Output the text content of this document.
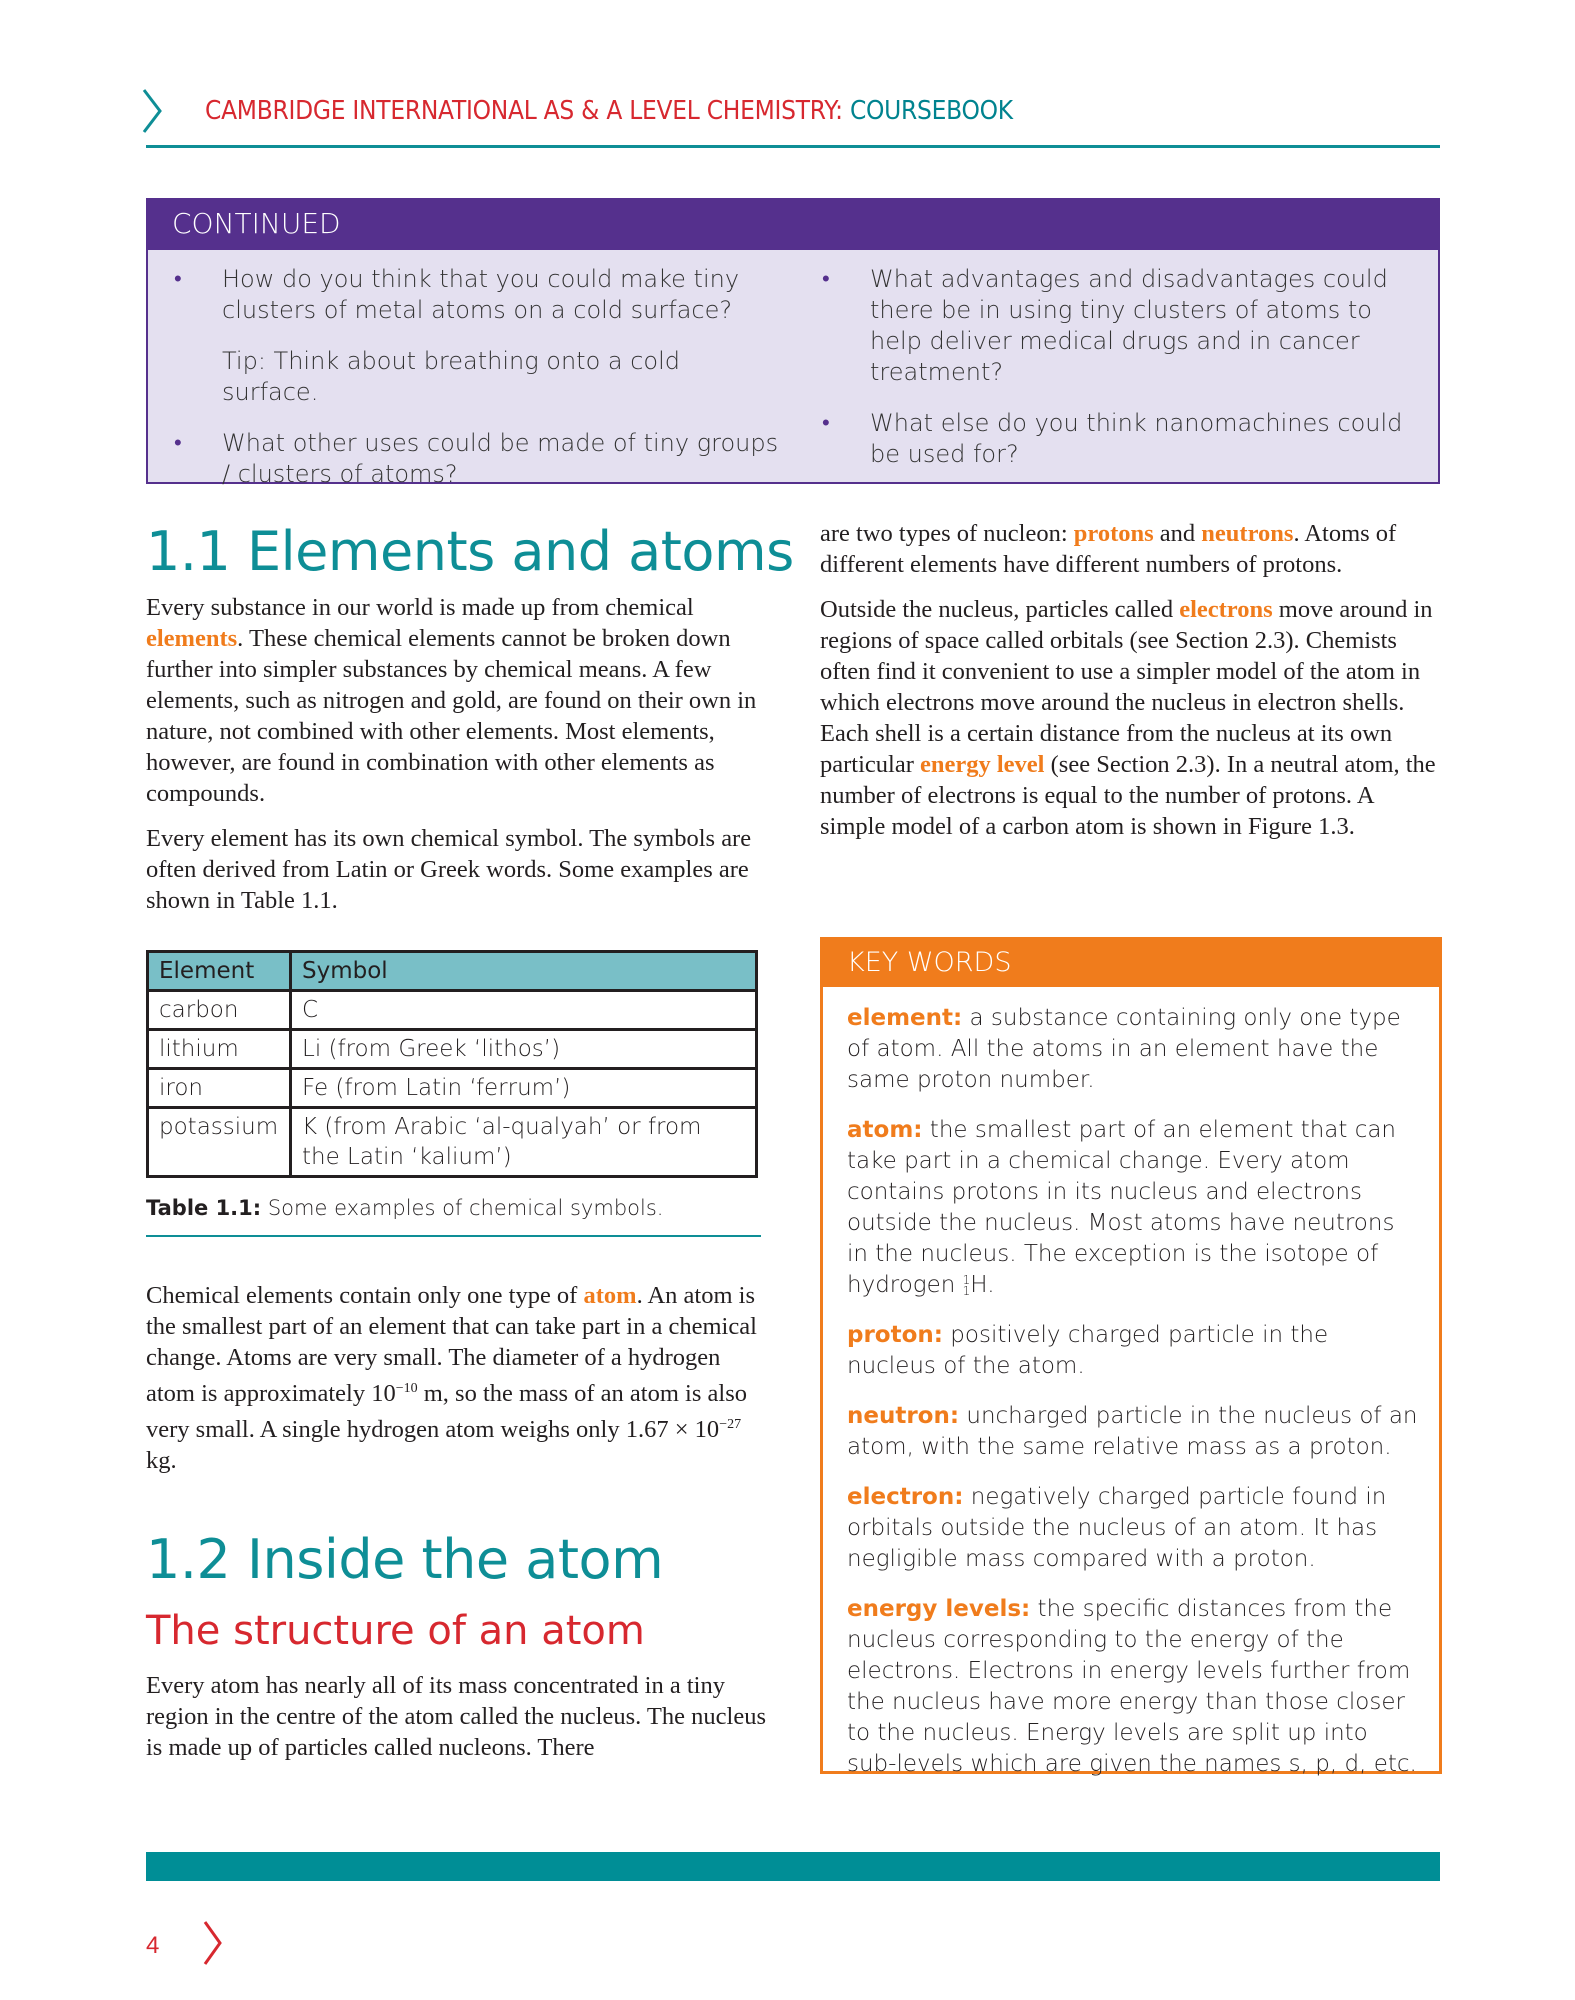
CAMBRIDGE INTERNATIONAL AS & A LEVEL CHEMISTRY: COURSEBOOK
CONTINUED

• How do you think that you could make tiny clusters of metal atoms on a cold surface?

Tip: Think about breathing onto a cold surface.

• What other uses could be made of tiny groups / clusters of atoms?

• What advantages and disadvantages could there be in using tiny clusters of atoms to help deliver medical drugs and in cancer treatment?

• What else do you think nanomachines could be used for?

1.1 Elements and atoms

Every substance in our world is made up from chemical elements. These chemical elements cannot be broken down further into simpler substances by chemical means. A few elements, such as nitrogen and gold, are found on their own in nature, not combined with other elements. Most elements, however, are found in combination with other elements as compounds.

Every element has its own chemical symbol. The symbols are often derived from Latin or Greek words. Some examples are shown in Table 1.1.

Element	Symbol
carbon	C
lithium	Li (from Greek ‘lithos’)
iron	Fe (from Latin ‘ferrum’)
potassium	K (from Arabic ‘al-qualyah’ or from the Latin ‘kalium’)
Table 1.1: Some examples of chemical symbols.

Chemical elements contain only one type of atom. An atom is the smallest part of an element that can take part in a chemical change. Atoms are very small. The diameter of a hydrogen atom is approximately $10^{-10}$ m, so the mass of an atom is also very small. A single hydrogen atom weighs only $1.67 \times 10^{-27}$ kg.

1.2 Inside the atom
The structure of an atom

Every atom has nearly all of its mass concentrated in a tiny region in the centre of the atom called the nucleus. The nucleus is made up of particles called nucleons. There

are two types of nucleon: protons and neutrons. Atoms of different elements have different numbers of protons.

Outside the nucleus, particles called electrons move around in regions of space called orbitals (see Section 2.3). Chemists often find it convenient to use a simpler model of the atom in which electrons move around the nucleus in electron shells. Each shell is a certain distance from the nucleus at its own particular energy level (see Section 2.3). In a neutral atom, the number of electrons is equal to the number of protons. A simple model of a carbon atom is shown in Figure 1.3.

KEY WORDS

element: a substance containing only one type of atom. All the atoms in an element have the same proton number.

atom: the smallest part of an element that can take part in a chemical change. Every atom contains protons in its nucleus and electrons outside the nucleus. Most atoms have neutrons in the nucleus. The exception is the isotope of hydrogen 1
1H.

proton: positively charged particle in the nucleus of the atom.

neutron: uncharged particle in the nucleus of an atom, with the same relative mass as a proton.

electron: negatively charged particle found in orbitals outside the nucleus of an atom. It has negligible mass compared with a proton.

energy levels: the specific distances from the nucleus corresponding to the energy of the electrons. Electrons in energy levels further from the nucleus have more energy than those closer to the nucleus. Energy levels are split up into sub-levels which are given the names s, p, d, etc.

4
